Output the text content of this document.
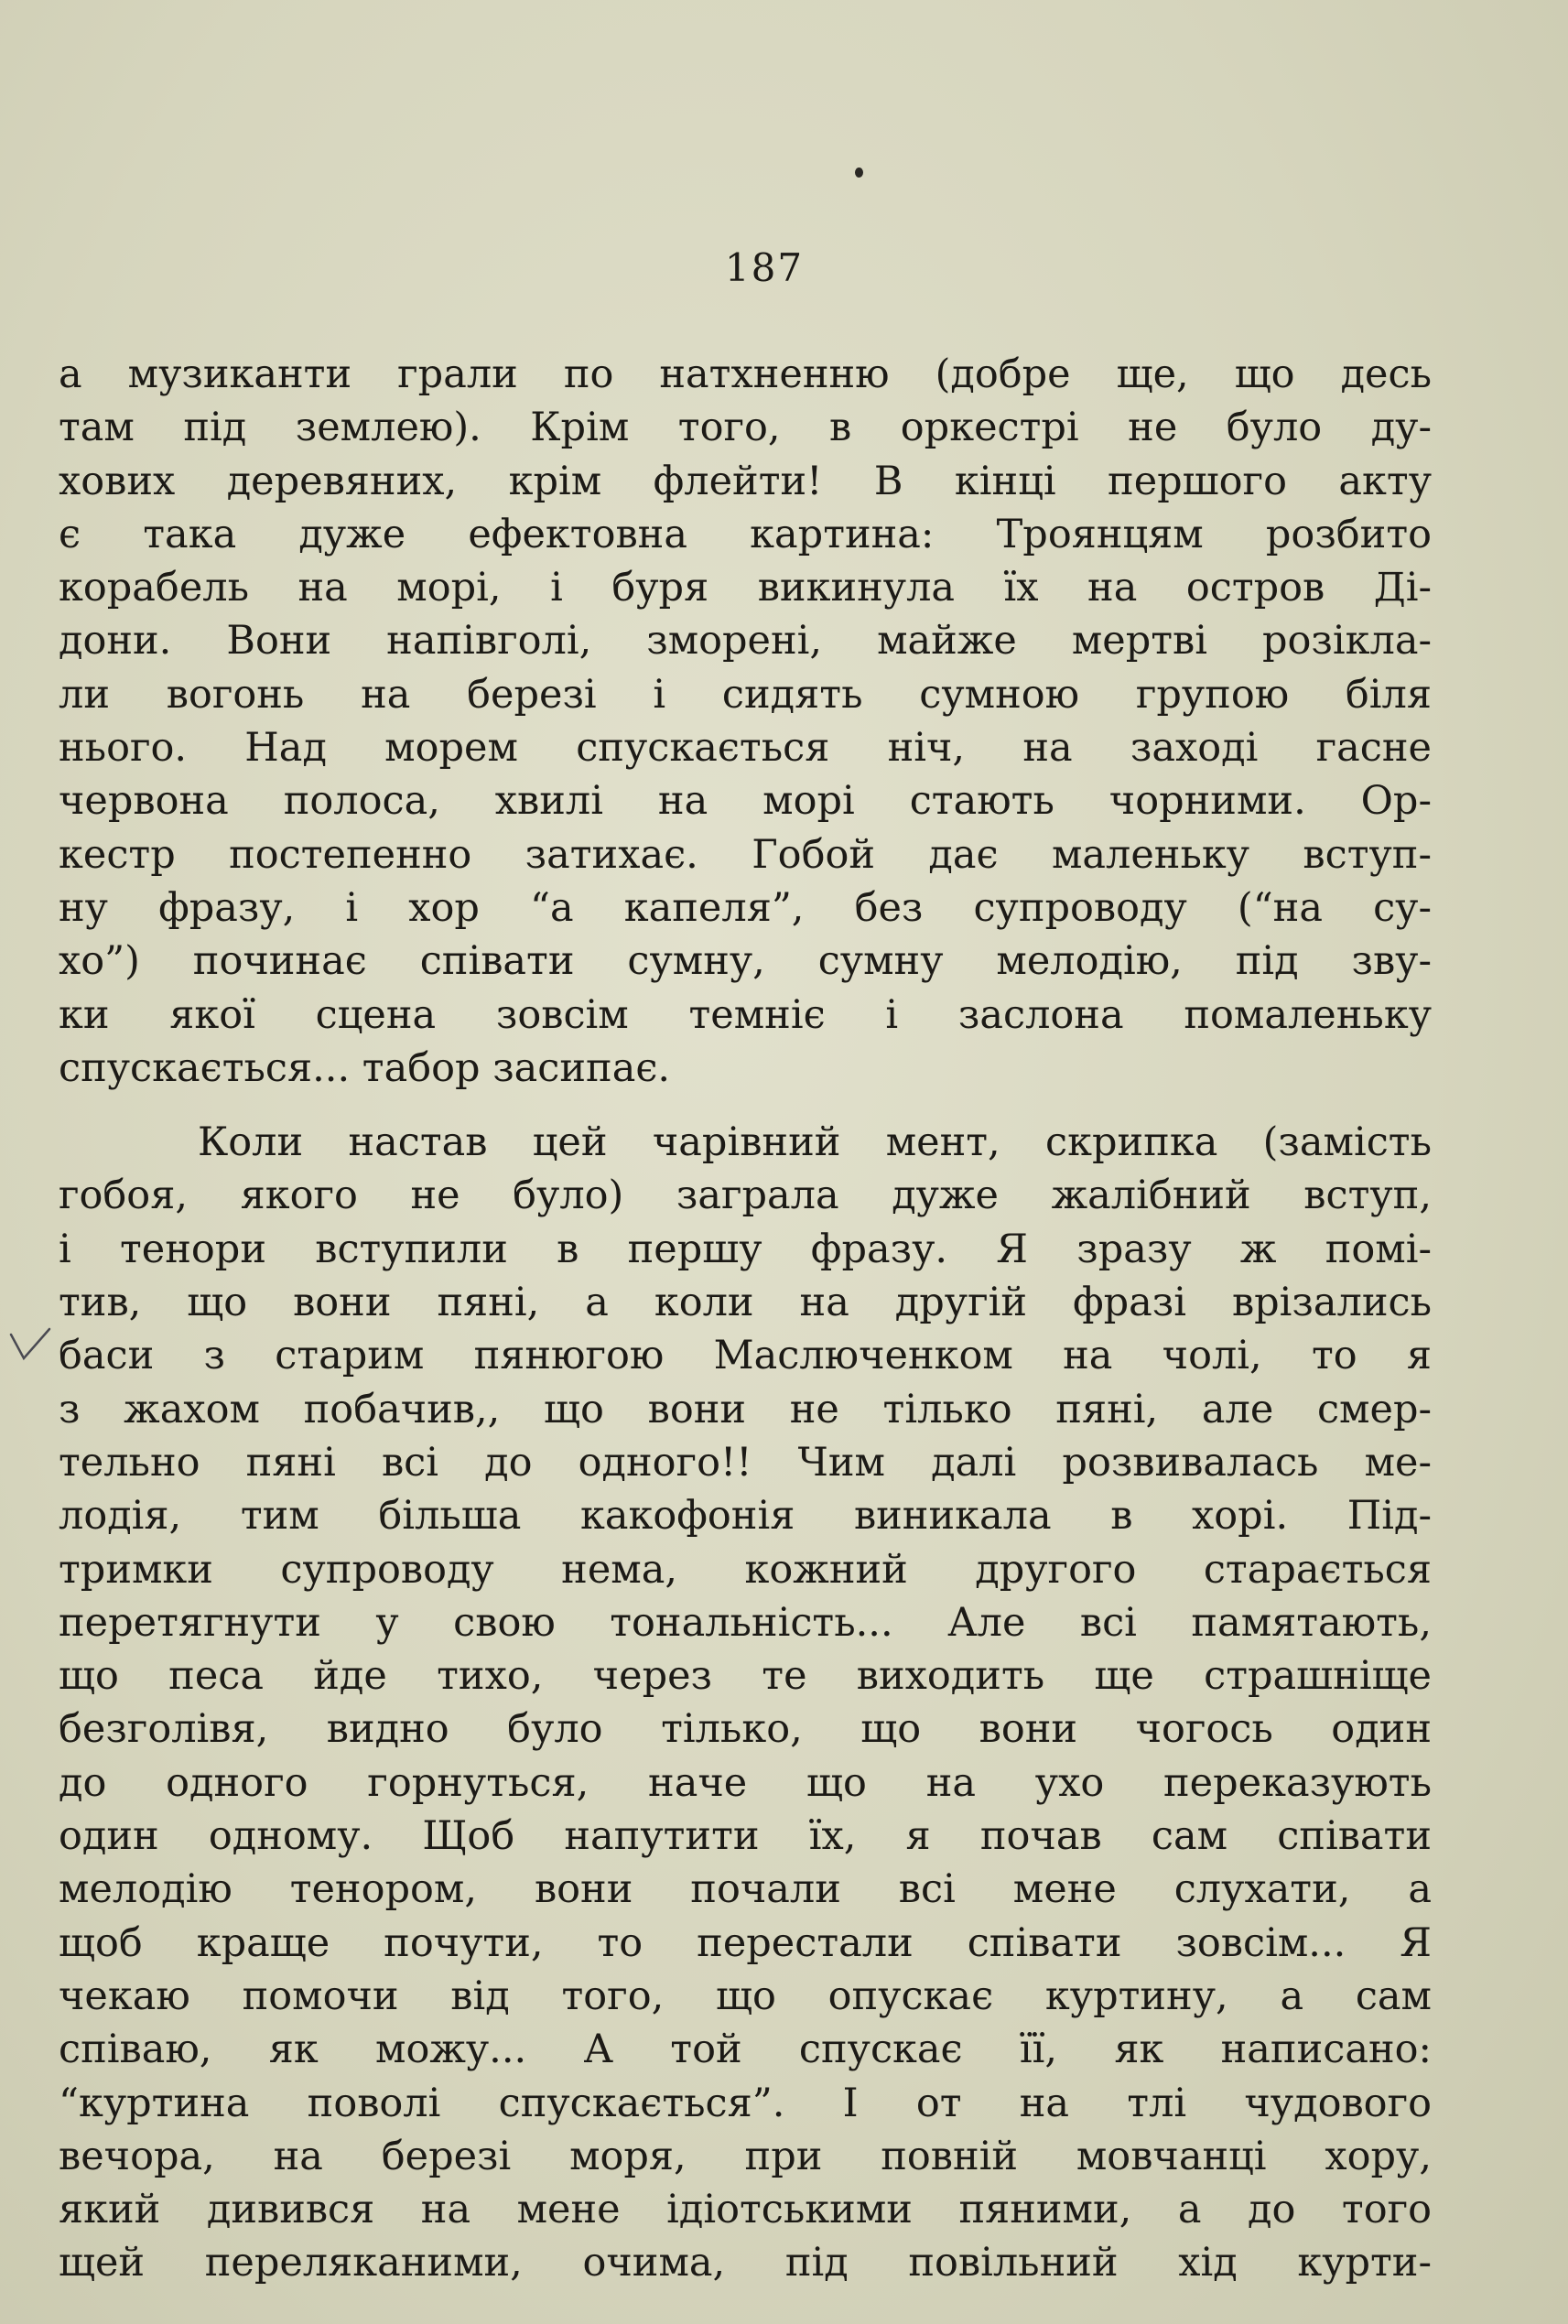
187
а музиканти грали по натхненню (добре ще, що десь
там під землею). Крім того, в оркестрі не було ду-
хових деревяних, крім флейти! В кінці першого акту
є така дуже ефектовна картина: Троянцям розбито
корабель на морі, і буря викинула їх на остров Ді-
дони. Вони напівголі, зморені, майже мертві розікла-
ли вогонь на березі і сидять сумною групою біля
нього. Над морем спускається ніч, на заході гасне
червона полоса, хвилі на морі стають чорними. Ор-
кестр постепенно затихає. Гобой дає маленьку вступ-
ну фразу, і хор “а капеля”, без супроводу (“на су-
хо”) починає співати сумну, сумну мелодію, під зву-
ки якої сцена зовсім темніє і заслона помаленьку
спускається... табор засипає.
Коли настав цей чарівний мент, скрипка (замість
гобоя, якого не було) заграла дуже жалібний вступ,
і тенори вступили в першу фразу. Я зразу ж помі-
тив, що вони пяні, а коли на другій фразі врізались
баси з старим пянюгою Маслюченком на чолі, то я
з жахом побачив,, що вони не тілько пяні, але смер-
тельно пяні всі до одного!! Чим далі розвивалась ме-
лодія, тим більша какофонія виникала в хорі. Під-
тримки супроводу нема, кожний другого старається
перетягнути у свою тональність... Але всі памятають,
що песа йде тихо, через те виходить ще страшніще
безголівя, видно було тілько, що вони чогось один
до одного горнуться, наче що на ухо переказують
один одному. Щоб напутити їх, я почав сам співати
мелодію тенором, вони почали всі мене слухати, а
щоб краще почути, то перестали співати зовсім... Я
чекаю помочи від того, що опускає куртину, а сам
співаю, як можу... А той спускає її, як написано:
“куртина поволі спускається”. І от на тлі чудового
вечора, на березі моря, при повній мовчанці хору,
який дивився на мене ідіотськими пяними, а до того
щей переляканими, очима, під повільний хід курти-
